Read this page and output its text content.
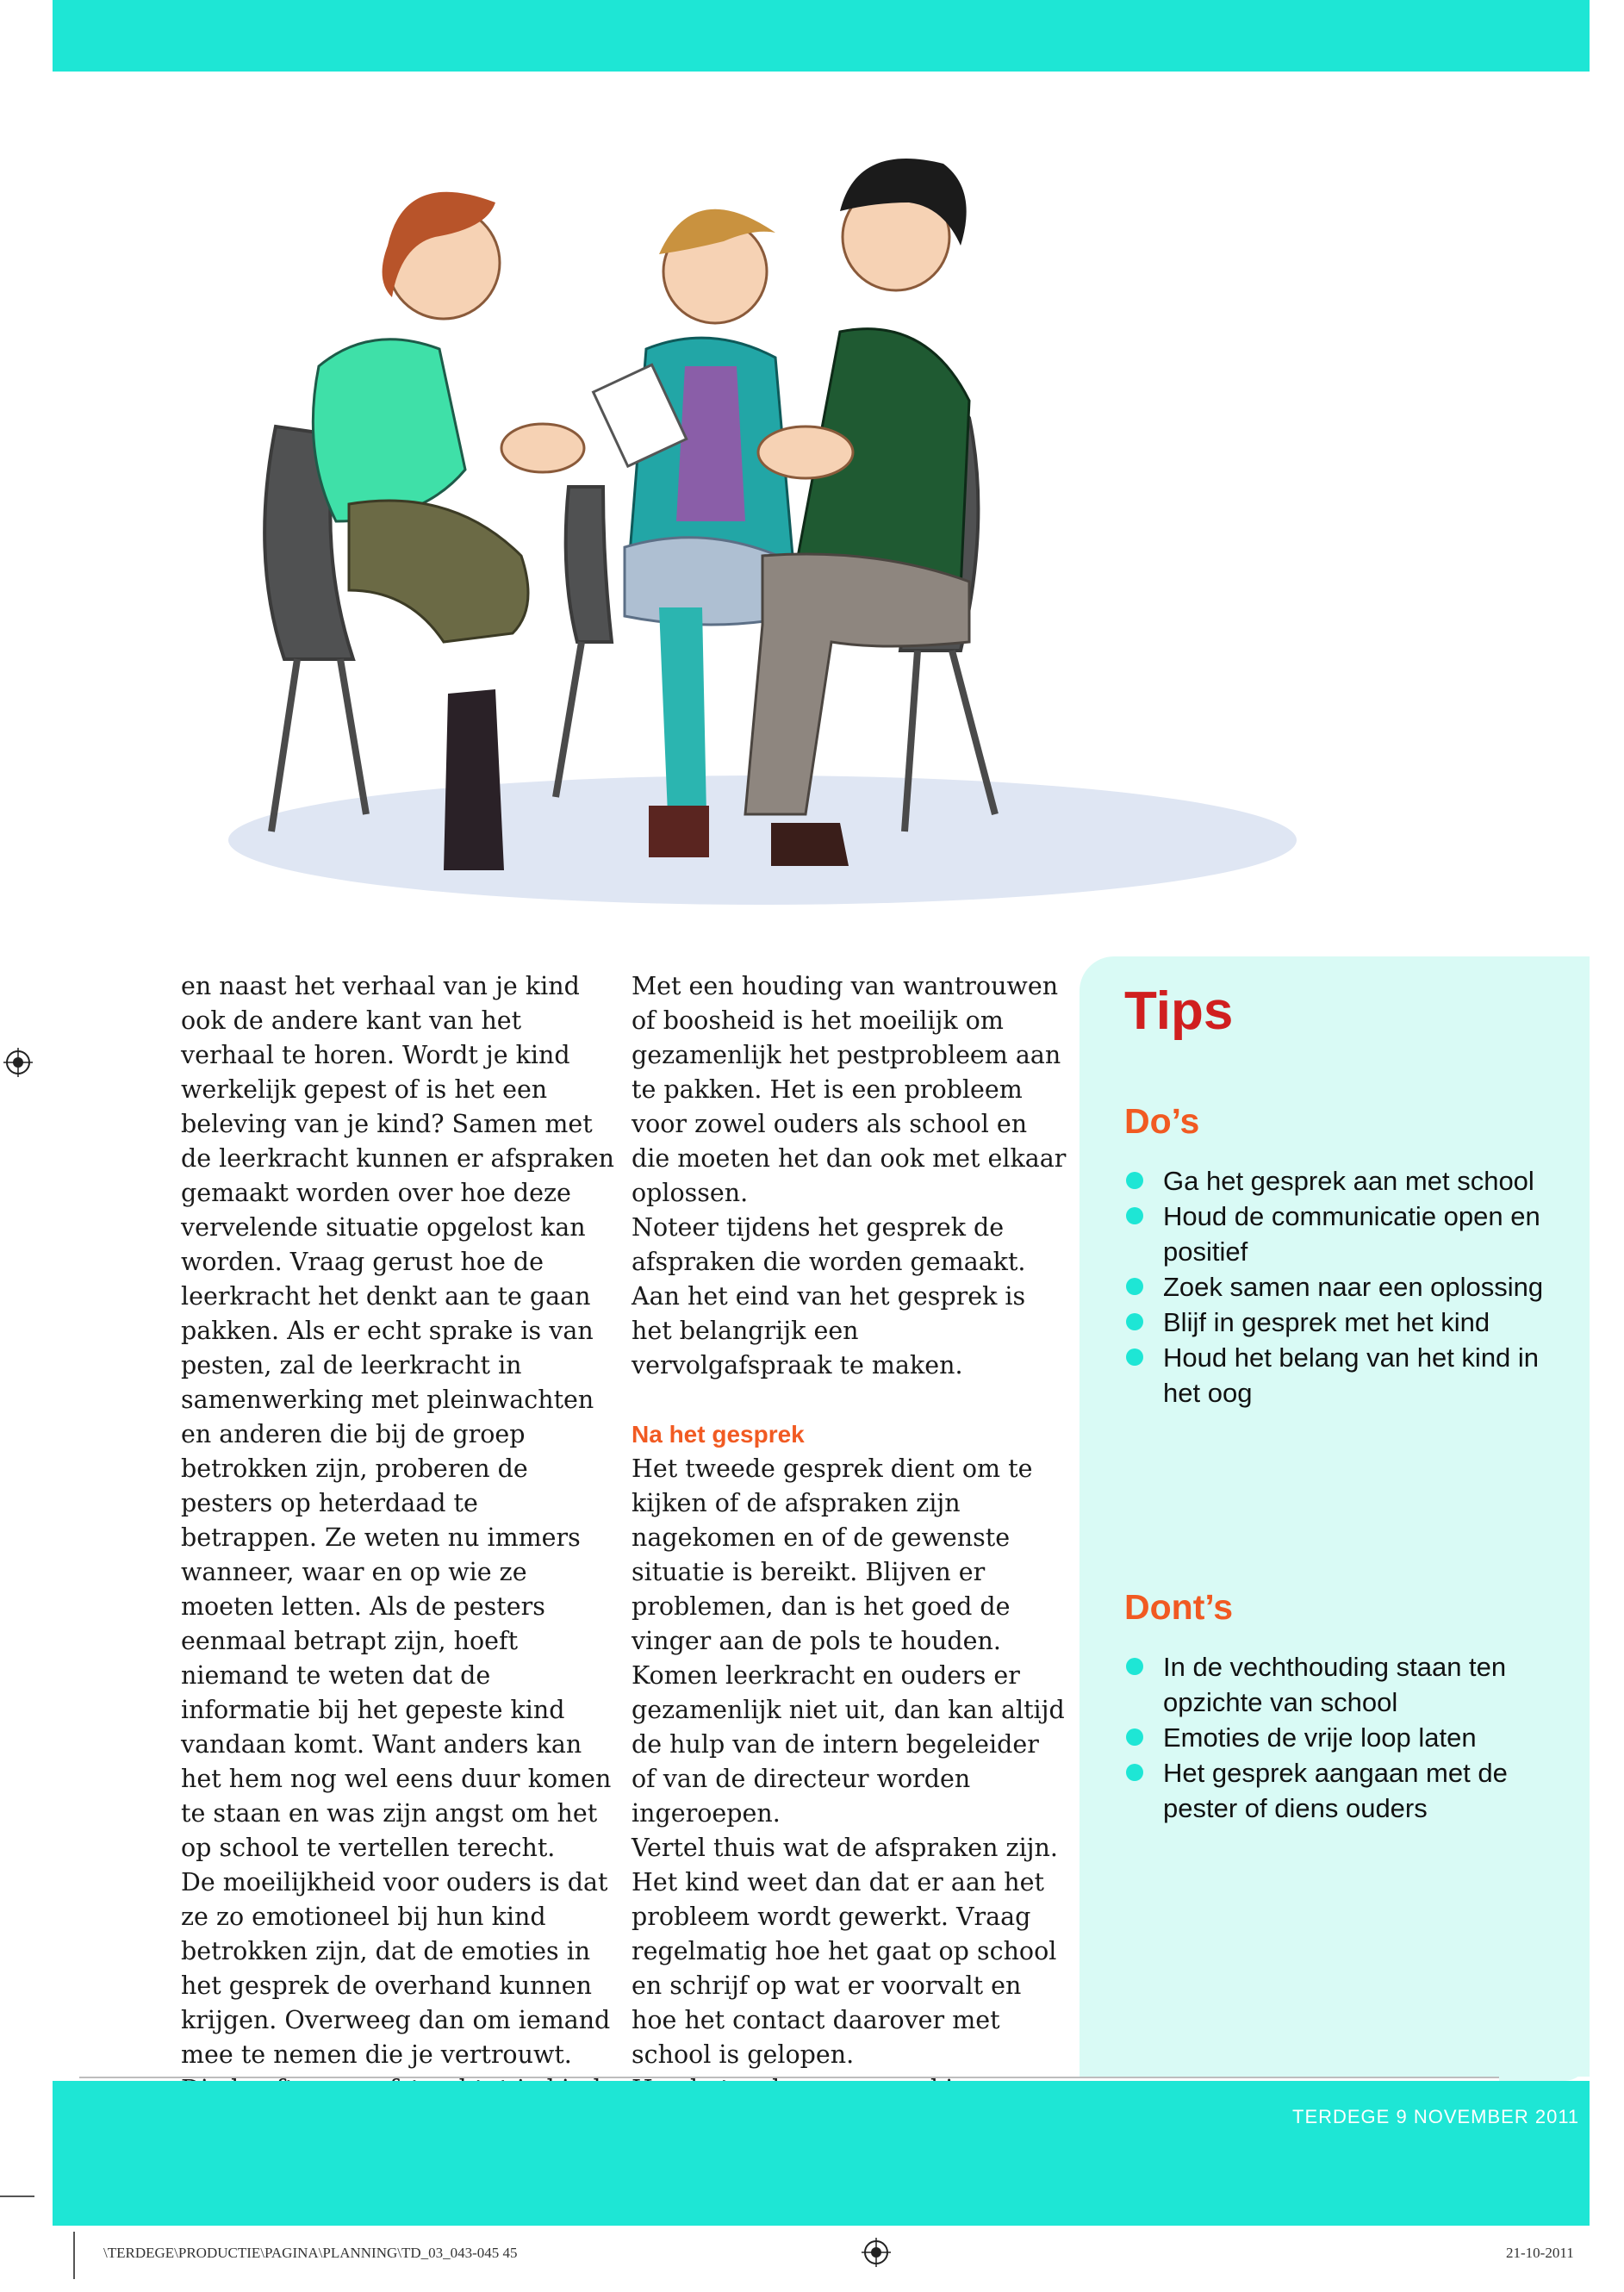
en naast het verhaal van je kind ook de andere kant van het verhaal te horen. Wordt je kind werkelijk gepest of is het een beleving van je kind? Samen met de leerkracht kunnen er afspraken gemaakt worden over hoe deze vervelende situatie opgelost kan worden. Vraag gerust hoe de leerkracht het denkt aan te gaan pakken. Als er echt sprake is van pesten, zal de leerkracht in samenwerking met pleinwachten en anderen die bij de groep betrokken zijn, proberen de pesters op heterdaad te betrappen. Ze weten nu immers wanneer, waar en op wie ze moeten letten. Als de pesters eenmaal betrapt zijn, hoeft niemand te weten dat de informatie bij het gepeste kind vandaan komt. Want anders kan het hem nog wel eens duur komen te staan en was zijn angst om het op school te vertellen terecht.

De moeilijkheid voor ouders is dat ze zo emotioneel bij hun kind betrokken zijn, dat de emoties in het gesprek de overhand kunnen krijgen. Overweeg dan om iemand mee te nemen die je vertrouwt.

Met een houding van wantrouwen of boosheid is het moeilijk om gezamenlijk het pestprobleem aan te pakken. Het is een probleem voor zowel ouders als school en die moeten het dan ook met elkaar oplossen.

Noteer tijdens het gesprek de afspraken die worden gemaakt. Aan het eind van het gesprek is het belangrijk een vervolgafspraak te maken.

Na het gesprek

Het tweede gesprek dient om te kijken of de afspraken zijn nagekomen en of de gewenste situatie is bereikt. Blijven er problemen, dan is het goed de vinger aan de pols te houden. Komen leerkracht en ouders er gezamenlijk niet uit, dan kan altijd de hulp van de intern begeleider of van de directeur worden ingeroepen.

Vertel thuis wat de afspraken zijn. Het kind weet dan dat er aan het probleem wordt gewerkt. Vraag regelmatig hoe het gaat op school en schrijf op wat er voorvalt en hoe het contact daarover met school is gelopen.

Tips
Do’s
Ga het gesprek aan met school
Houd de communicatie open en positief
Zoek samen naar een oplossing
Blijf in gesprek met het kind
Houd het belang van het kind in het oog
Dont’s
In de vechthouding staan ten opzichte van school
Emoties de vrije loop laten
Het gesprek aangaan met de pester of diens ouders
TERDEGE 9 NOVEMBER 2011 45
\TERDEGE\PRODUCTIE\PAGINA\PLANNING\TD_03_043-045 45	21-10-2011
